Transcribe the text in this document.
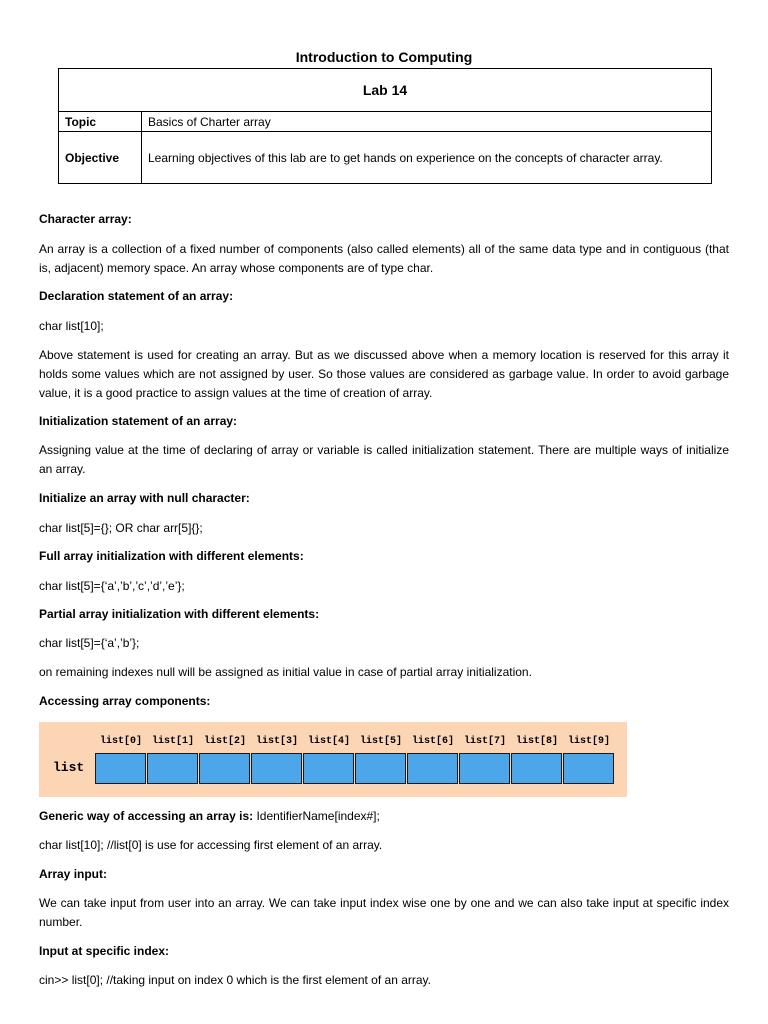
Introduction to Computing
Lab 14	
Topic	Basics of Charter array
Objective	Learning objectives of this lab are to get hands on experience on the concepts of character array.

Character array:

An array is a collection of a fixed number of components (also called elements) all of the same data type and in contiguous (that is, adjacent) memory space. An array whose components are of type char.

Declaration statement of an array:

char list[10];

Above statement is used for creating an array. But as we discussed above when a memory location is reserved for this array it holds some values which are not assigned by user. So those values are considered as garbage value. In order to avoid garbage value, it is a good practice to assign values at the time of creation of array.

Initialization statement of an array:

Assigning value at the time of declaring of array or variable is called initialization statement. There are multiple ways of initialize an array.

Initialize an array with null character:

char list[5]={}; OR char arr[5]{};

Full array initialization with different elements:

char list[5]={‘a’,’b’,’c’,’d’,’e’};

Partial array initialization with different elements:

char list[5]={‘a’,’b’};

on remaining indexes null will be assigned as initial value in case of partial array initialization.

Accessing array components:

list
list[0] list[1] list[2] list[3] list[4] list[5] list[6] list[7] list[8] list[9]

Generic way of accessing an array is: IdentifierName[index#];

char list[10]; //list[0] is use for accessing first element of an array.

Array input:

We can take input from user into an array. We can take input index wise one by one and we can also take input at specific index number.

Input at specific index:

cin>> list[0]; //taking input on index 0 which is the first element of an array.
